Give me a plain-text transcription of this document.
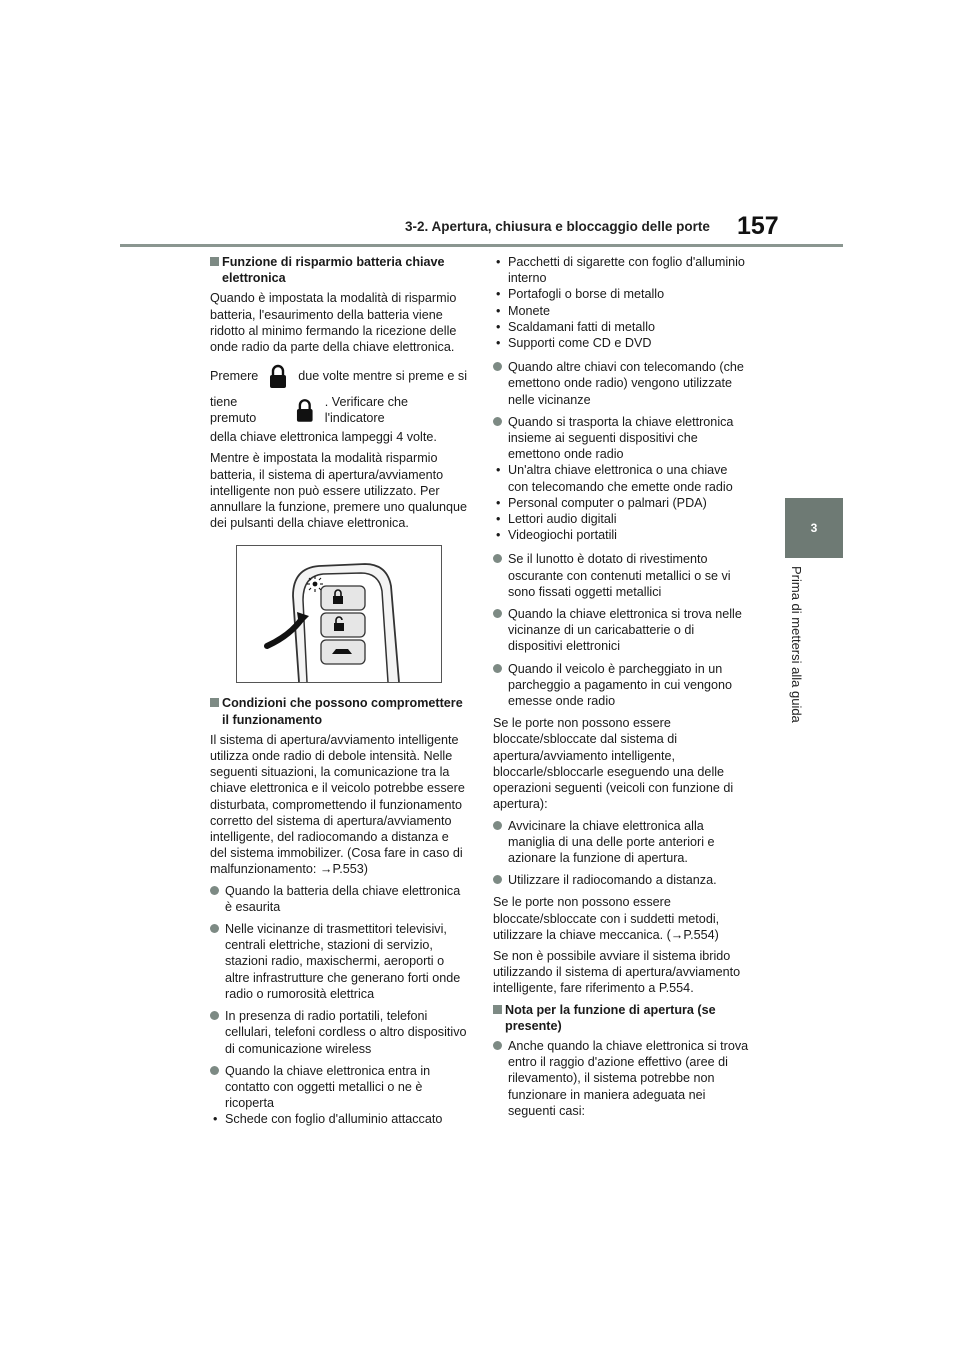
3-2. Apertura, chiusura e bloccaggio delle porte 157
3
Prima di mettersi alla guida

Funzione di risparmio batteria chiave elettronica

Quando è impostata la modalità di risparmio batteria, l'esaurimento della batteria viene ridotto al minimo fermando la ricezione delle onde radio da parte della chiave elettronica.

Premere	due volte mentre si preme e si

tiene premuto
. Verificare che l'indicatore

della chiave elettronica lampeggi 4 volte.

Mentre è impostata la modalità risparmio batteria, il sistema di apertura/avviamento intelligente non può essere utilizzato. Per annullare la funzione, premere uno qualunque dei pulsanti della chiave elettronica.

Condizioni che possono compromettere il funzionamento

Il sistema di apertura/avviamento intelligente utilizza onde radio di debole intensità. Nelle seguenti situazioni, la comunicazione tra la chiave elettronica e il veicolo potrebbe essere disturbata, compromettendo il funzionamento corretto del sistema di apertura/avviamento intelligente, del radiocomando a distanza e del sistema immobilizer. (Cosa fare in caso di malfunzionamento: →P.553)

Quando la batteria della chiave elettronica è esaurita

Nelle vicinanze di trasmettitori televisivi, centrali elettriche, stazioni di servizio, stazioni radio, maxischermi, aeroporti o altre infrastrutture che generano forti onde radio o rumorosità elettrica

In presenza di radio portatili, telefoni cellulari, telefoni cordless o altro dispositivo di comunicazione wireless

Quando la chiave elettronica entra in contatto con oggetti metallici o ne è ricoperta

• Schede con foglio d'alluminio attaccato

• Pacchetti di sigarette con foglio d'alluminio interno

• Portafogli o borse di metallo

• Monete

• Scaldamani fatti di metallo

• Supporti come CD e DVD

Quando altre chiavi con telecomando (che emettono onde radio) vengono utilizzate nelle vicinanze

Quando si trasporta la chiave elettronica insieme ai seguenti dispositivi che emettono onde radio

• Un'altra chiave elettronica o una chiave con telecomando che emette onde radio

• Personal computer o palmari (PDA)

• Lettori audio digitali

• Videogiochi portatili

Se il lunotto è dotato di rivestimento oscurante con contenuti metallici o se vi sono fissati oggetti metallici

Quando la chiave elettronica si trova nelle vicinanze di un caricabatterie o di dispositivi elettronici

Quando il veicolo è parcheggiato in un parcheggio a pagamento in cui vengono emesse onde radio

Se le porte non possono essere bloccate/sbloccate dal sistema di apertura/avviamento intelligente, bloccarle/sbloccarle eseguendo una delle operazioni seguenti (veicoli con funzione di apertura):

Avvicinare la chiave elettronica alla maniglia di una delle porte anteriori e azionare la funzione di apertura.

Utilizzare il radiocomando a distanza.

Se le porte non possono essere bloccate/sbloccate con i suddetti metodi, utilizzare la chiave meccanica. (→P.554)

Se non è possibile avviare il sistema ibrido utilizzando il sistema di apertura/avviamento intelligente, fare riferimento a P.554.

Nota per la funzione di apertura (se presente)

Anche quando la chiave elettronica si trova entro il raggio d'azione effettivo (aree di rilevamento), il sistema potrebbe non funzionare in maniera adeguata nei seguenti casi:
